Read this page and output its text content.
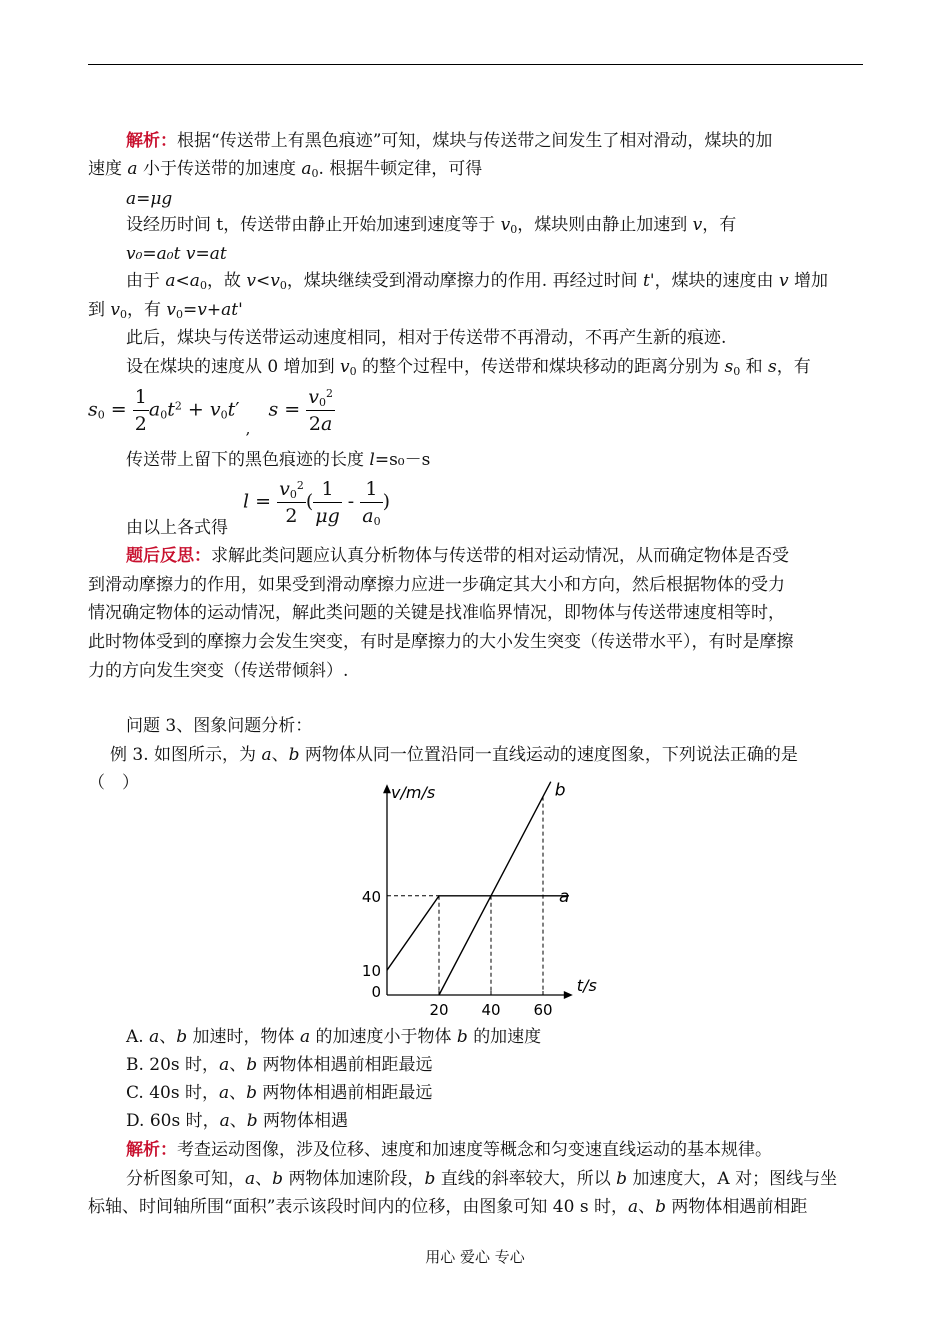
解析：根据“传送带上有黑色痕迹”可知，煤块与传送带之间发生了相对滑动，煤块的加
速度 a 小于传送带的加速度 $a_0$. 根据牛顿定律，可得
a=μg
设经历时间 t，传送带由静止开始加速到速度等于 $v_0$，煤块则由静止加速到 v，有
v₀=a₀t v=at
由于 $a<a_0$，故 $v<v_0$，煤块继续受到滑动摩擦力的作用. 再经过时间 t'，煤块的速度由 v 增加
到 $v_0$，有 $v_0=v+at'$
此后，煤块与传送带运动速度相同，相对于传送带不再滑动，不再产生新的痕迹.
设在煤块的速度从 0 增加到 $v_0$ 的整个过程中，传送带和煤块移动的距离分别为 $s_0$ 和 s，有
$s_0 = \frac{1}{2} a_0t^2 + v_0t'$ $_,$   $s = \frac{v_0^2}{2a}$
传送带上留下的黑色痕迹的长度 l=s₀－s
$l = \frac{v_0^2}{2}$ ( $\frac{1}{\mu g} - \frac{1}{a_0}$ )
由以上各式得
题后反思：求解此类问题应认真分析物体与传送带的相对运动情况，从而确定物体是否受
到滑动摩擦力的作用，如果受到滑动摩擦力应进一步确定其大小和方向，然后根据物体的受力
情况确定物体的运动情况，解此类问题的关键是找准临界情况，即物体与传送带速度相等时，
此时物体受到的摩擦力会发生突变，有时是摩擦力的大小发生突变（传送带水平），有时是摩擦
力的方向发生突变（传送带倾斜）.
问题 3、图象问题分析：
例 3. 如图所示，为 a、b 两物体从同一位置沿同一直线运动的速度图象，下列说法正确的是
（　）	v/m/s
t/s
20 40 60
0
10
40	a
b
A. a、b 加速时，物体 a 的加速度小于物体 b 的加速度
B. 20s 时，a、b 两物体相遇前相距最远
C. 40s 时，a、b 两物体相遇前相距最远
D. 60s 时，a、b 两物体相遇
解析：考查运动图像，涉及位移、速度和加速度等概念和匀变速直线运动的基本规律。
分析图象可知，a、b 两物体加速阶段，b 直线的斜率较大，所以 b 加速度大，A 对；图线与坐
标轴、时间轴所围“面积”表示该段时间内的位移，由图象可知 40 s 时，a、b 两物体相遇前相距
用心 爱心 专心
